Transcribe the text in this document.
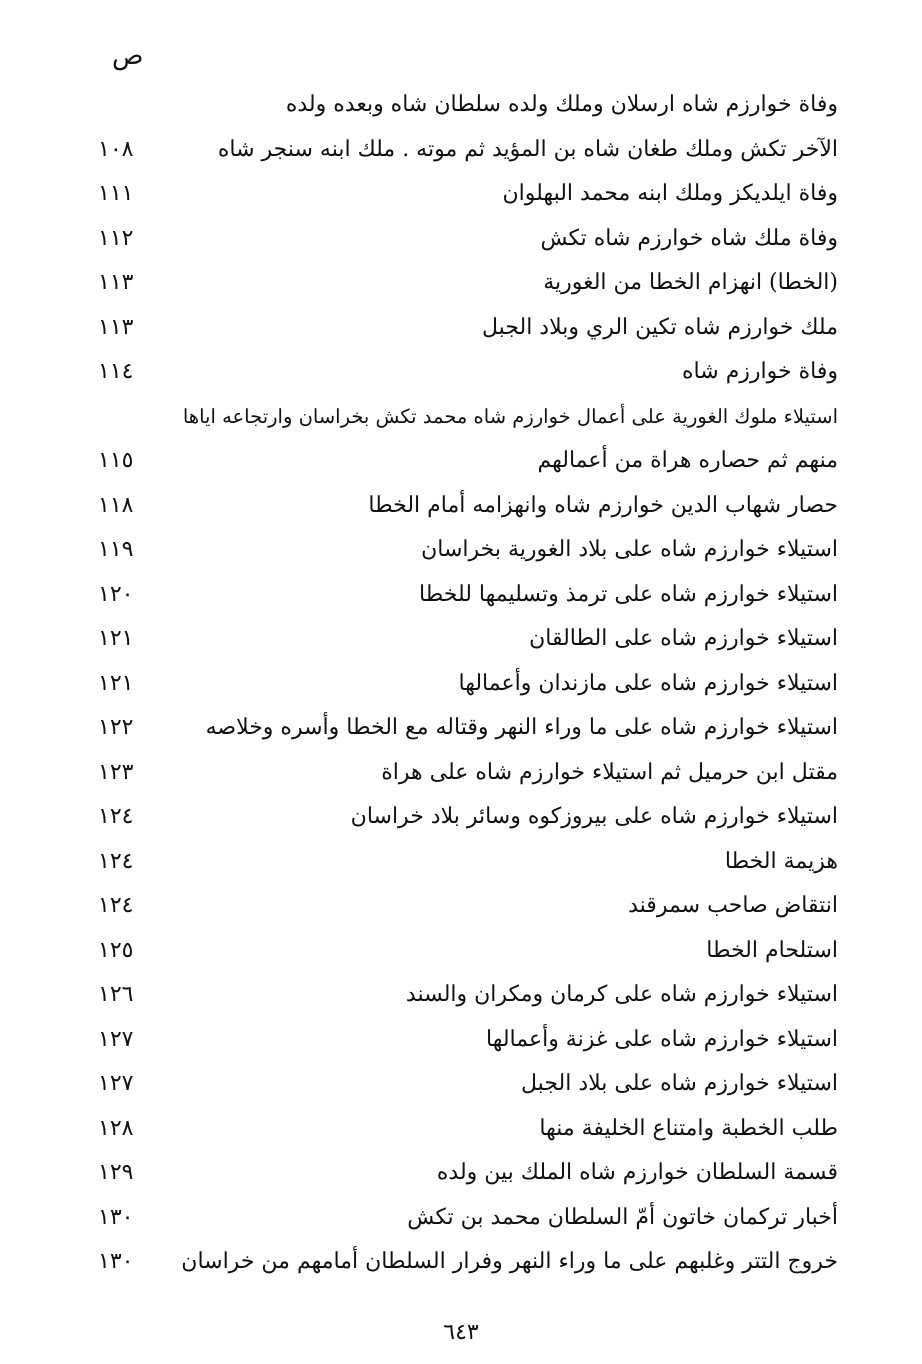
ص
وفاة خوارزم شاه ارسلان وملك ولده سلطان شاه وبعده ولده
الآخر تكش وملك طغان شاه بن المؤيد ثم موته . ملك ابنه سنجر شاه
١٠٨
وفاة ايلديكز وملك ابنه محمد البهلوان
١١١
وفاة ملك شاه خوارزم شاه تكش
١١٢
(الخطا) انهزام الخطا من الغورية
١١٣
ملك خوارزم شاه تكين الري وبلاد الجبل
١١٣
وفاة خوارزم شاه
١١٤
استيلاء ملوك الغورية على أعمال خوارزم شاه محمد تكش بخراسان وارتجاعه اياها
منهم ثم حصاره هراة من أعمالهم
١١٥
حصار شهاب الدين خوارزم شاه وانهزامه أمام الخطا
١١٨
استيلاء خوارزم شاه على بلاد الغورية بخراسان
١١٩
استيلاء خوارزم شاه على ترمذ وتسليمها للخطا
١٢٠
استيلاء خوارزم شاه على الطالقان
١٢١
استيلاء خوارزم شاه على مازندان وأعمالها
١٢١
استيلاء خوارزم شاه على ما وراء النهر وقتاله مع الخطا وأسره وخلاصه
١٢٢
مقتل ابن حرميل ثم استيلاء خوارزم شاه على هراة
١٢٣
استيلاء خوارزم شاه على بيروزكوه وسائر بلاد خراسان
١٢٤
هزيمة الخطا
١٢٤
انتقاض صاحب سمرقند
١٢٤
استلحام الخطا
١٢٥
استيلاء خوارزم شاه على كرمان ومكران والسند
١٢٦
استيلاء خوارزم شاه على غزنة وأعمالها
١٢٧
استيلاء خوارزم شاه على بلاد الجبل
١٢٧
طلب الخطبة وامتناع الخليفة منها
١٢٨
قسمة السلطان خوارزم شاه الملك بين ولده
١٢٩
أخبار تركمان خاتون أمّ السلطان محمد بن تكش
١٣٠
خروج التتر وغلبهم على ما وراء النهر وفرار السلطان أمامهم من خراسان
١٣٠
٦٤٣
